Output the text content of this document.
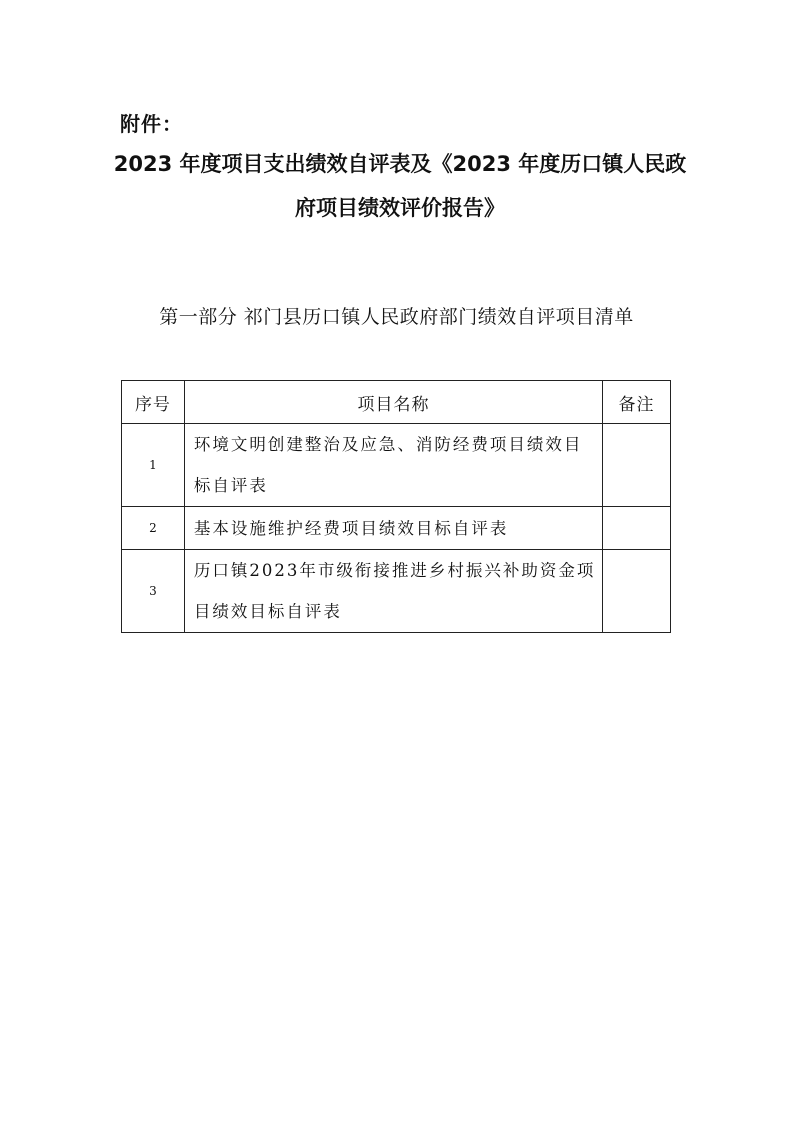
附件：
2023 年度项目支出绩效自评表及《2023 年度历口镇人民政
府项目绩效评价报告》
第一部分 祁门县历口镇人民政府部门绩效自评项目清单
序号	项目名称	备注
1	环境文明创建整治及应急、消防经费项目绩效目标自评表	
2	基本设施维护经费项目绩效目标自评表	
3	历口镇2023年市级衔接推进乡村振兴补助资金项目绩效目标自评表	
